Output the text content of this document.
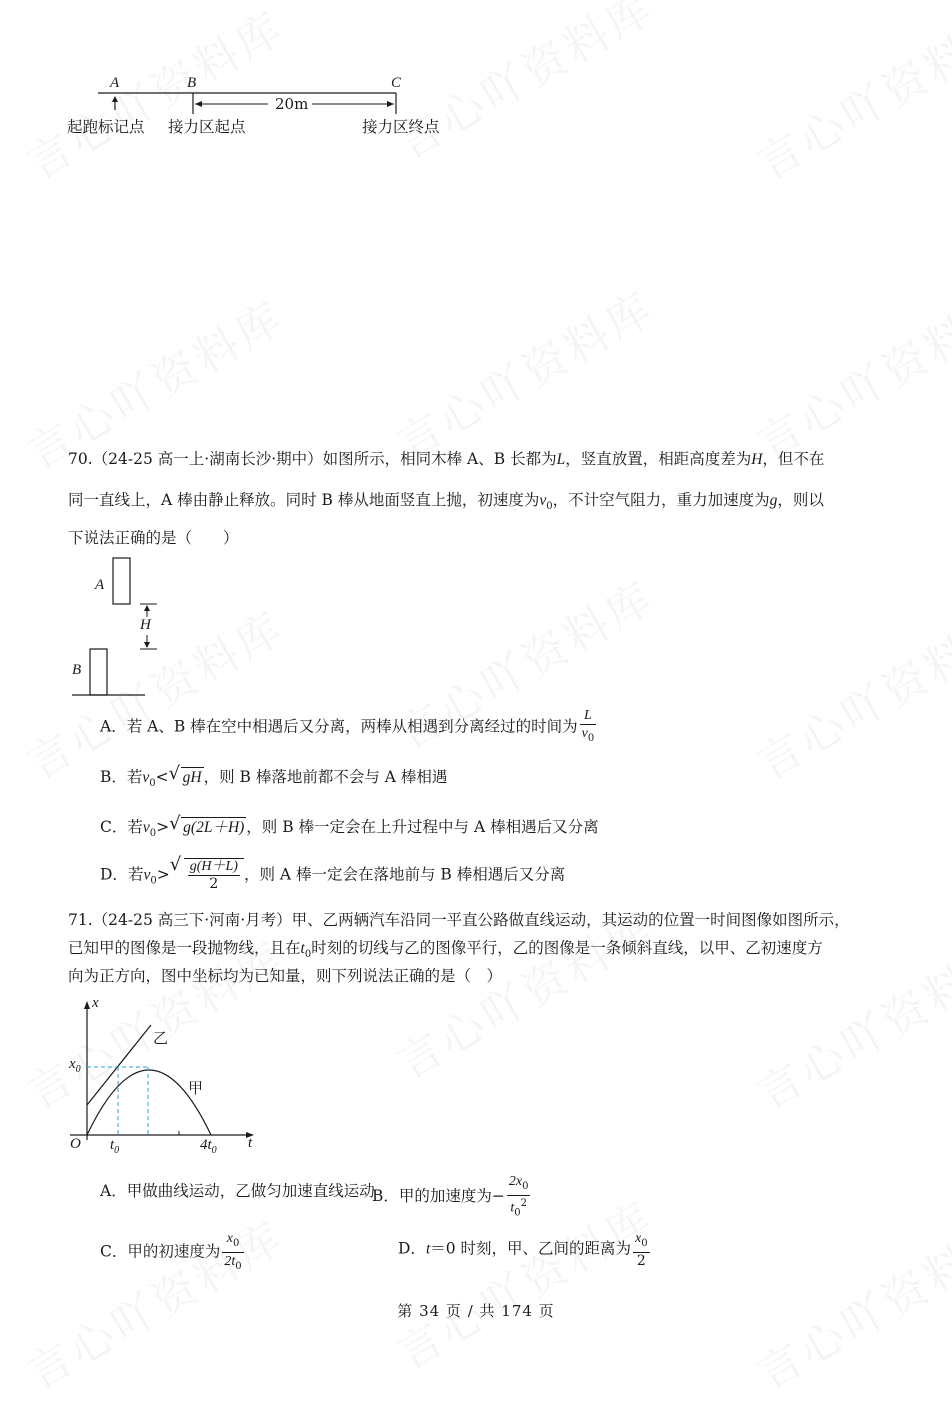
A	B	C
20m
起跑标记点 接力区起点	接力区终点
70.（24-25 高一上·湖南长沙·期中）如图所示，相同木棒 A、B 长都为L，竖直放置，相距高度差为H，但不在
同一直线上，A 棒由静止释放。同时 B 棒从地面竖直上抛，初速度为$v_0$，不计空气阻力，重力加速度为g，则以
下说法正确的是（　　）
A
B
H
A．若 A、B 棒在空中相遇后又分离，两棒从相遇到分离经过的时间为 $\frac{L}{v_0}$
B．若$v_0<$ √ gH ，则 B 棒落地前都不会与 A 棒相遇
C．若$v_0>$ √ g(2L＋H) ，则 B 棒一定会在上升过程中与 A 棒相遇后又分离
D．若$v_0>$ √ $\frac{g(H+L)}{2}$ ，则 A 棒一定会在落地前与 B 棒相遇后又分离
71.（24-25 高三下·河南·月考）甲、乙两辆汽车沿同一平直公路做直线运动，其运动的位置一时间图像如图所示，
已知甲的图像是一段抛物线，且在$t_0$时刻的切线与乙的图像平行，乙的图像是一条倾斜直线，以甲、乙初速度方
向为正方向，图中坐标均为已知量，则下列说法正确的是（　）
x
t
O
$x_0$
$t_0$	$4t_0$
甲
乙
A．甲做曲线运动，乙做匀加速直线运动
B．甲的加速度为− $\frac{2x_0}{t_0^2}$
C．甲的初速度为 $\frac{x_0}{2t_0}$	D．t＝0 时刻，甲、乙间的距离为 $\frac{x_0}{2}$
第 34 页 / 共 174 页
